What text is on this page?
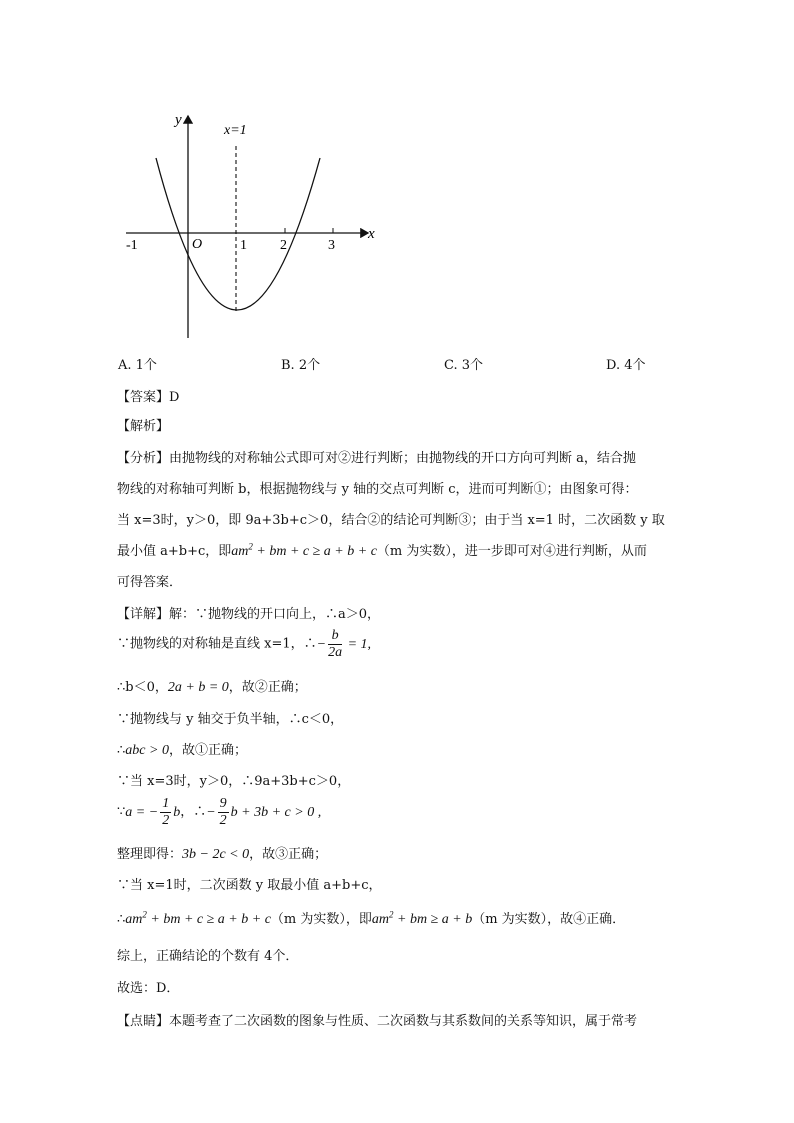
y
x
x=1
O
-1	1 2	3
A. 1个	B. 2个	C. 3个	D. 4个
【答案】D
【解析】
【分析】由抛物线的对称轴公式即可对②进行判断；由抛物线的开口方向可判断 a，结合抛
物线的对称轴可判断 b，根据抛物线与 y 轴的交点可判断 c，进而可判断①；由图象可得：
当 x=3时，y＞0，即 9a+3b+c＞0，结合②的结论可判断③；由于当 x=1 时，二次函数 y 取
最小值 a+b+c，即$am^2$ + bm + c ≥ a + b + c（m 为实数），进一步即可对④进行判断，从而
可得答案．
【详解】解：∵抛物线的开口向上，∴a＞0，
∵抛物线的对称轴是直线 x=1，∴− $\frac{b}{2a} = 1$,
∴b＜0，2a + b = 0，故②正确；
∵抛物线与 y 轴交于负半轴，∴c＜0，
∴abc > 0，故①正确；
∵当 x=3时，y＞0，∴9a+3b+c＞0，
∵a = − $\frac{1}{2}$ b，∴− $\frac{9}{2}$ b + 3b + c > 0 ,
整理即得：3b − 2c < 0，故③正确；
∵当 x=1时，二次函数 y 取最小值 a+b+c，
$\therefore am^2$ + bm + c ≥ a + b + c（m 为实数），即$am^2$ + bm ≥ a + b（m 为实数），故④正确．
综上，正确结论的个数有 4个．
故选：D．
【点睛】本题考查了二次函数的图象与性质、二次函数与其系数间的关系等知识，属于常考
